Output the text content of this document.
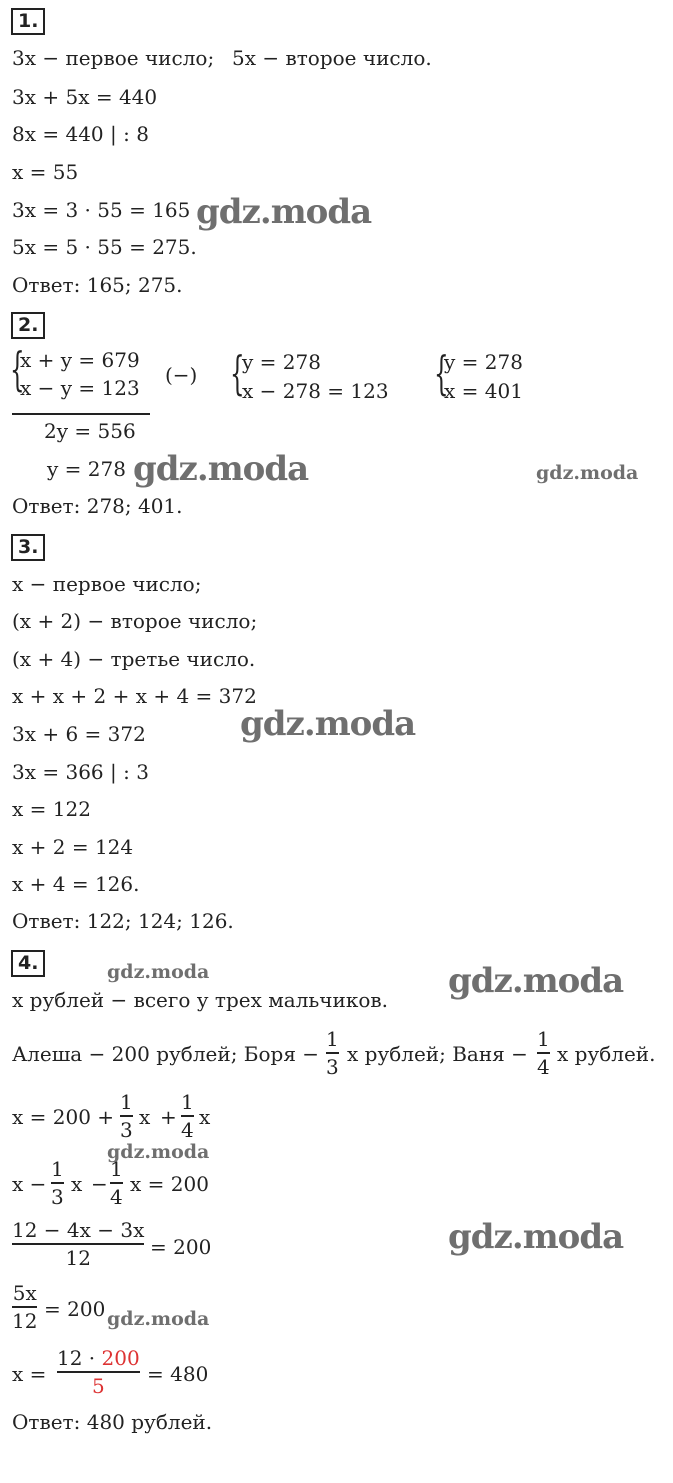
1.
3x − первое число; 5x − второе число.
3x + 5x = 440
8x = 440 | : 8
x = 55
3x = 3 · 55 = 165
5x = 5 · 55 = 275.
Ответ: 165; 275.
gdz.moda
2.
{
x + y = 679
x − y = 123
(−) {
y = 278
x − 278 = 123 {
y = 278
x = 401
2y = 556
y = 278
Ответ: 278; 401.
gdz.moda	gdz.moda
3.
x − первое число;
(x + 2) − второе число;
(x + 4) − третье число.
x + x + 2 + x + 4 = 372
3x + 6 = 372
3x = 366 | : 3
x = 122
x + 2 = 124
x + 4 = 126.
Ответ: 122; 124; 126.
gdz.moda
4.	gdz.moda	gdz.moda
x рублей − всего у трех мальчиков.
Алеша − 200 рублей; Боря −
1
3
x рублей; Ваня −
1
4
x рублей.
x = 200 +
1
3
x +
1
4
x
gdz.moda
x −
1
3
x −
1
4
x = 200
12 − 4x − 3x
12	= 200	gdz.moda
5x
12 = 200 gdz.moda
x =
12 · 200
5 = 480
Ответ: 480 рублей.
